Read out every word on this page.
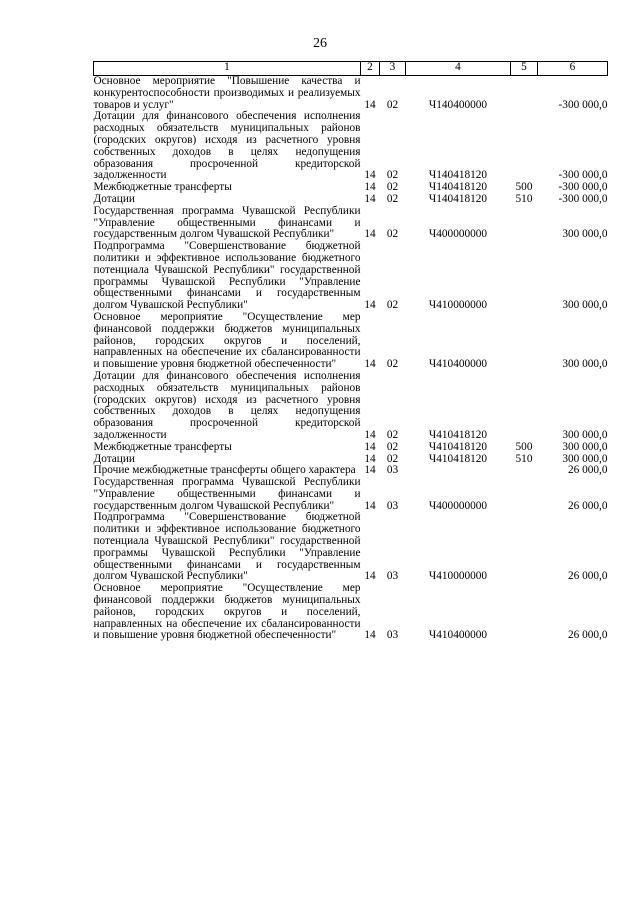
26
1	2	3	4	5	6
Основное мероприятие "Повышение качества и конкурентоспособности производимых и реализуемых товаров и услуг"	14	02	Ч140400000		-300 000,0
Дотации для финансового обеспечения исполнения расходных обязательств муниципальных районов (городских округов) исходя из расчетного уровня собственных доходов в целях недопущения образования просроченной кредиторской задолженности	14	02	Ч140418120		-300 000,0
Межбюджетные трансферты	14	02	Ч140418120	500	-300 000,0
Дотации	14	02	Ч140418120	510	-300 000,0
Государственная программа Чувашской Республики "Управление общественными финансами и государственным долгом Чувашской Республики"	14	02	Ч400000000		300 000,0
Подпрограмма "Совершенствование бюджетной политики и эффективное использованиe бюджетного потенциала Чувашской Республики" государственной программы Чувашской Республики "Управление общественными финансами и государственным долгом Чувашской Республики"	14	02	Ч410000000		300 000,0
Основное мероприятие "Осуществление мер финансовой поддержки бюджетов муниципальных районов, городских округов и поселений, направленных на обеспечение их сбалансированности и повышение уровня бюджетной обеспеченности"	14	02	Ч410400000		300 000,0
Дотации для финансового обеспечения исполнения расходных обязательств муниципальных районов (городских округов) исходя из расчетного уровня собственных доходов в целях недопущения образования просроченной кредиторской задолженности	14	02	Ч410418120		300 000,0
Межбюджетные трансферты	14	02	Ч410418120	500	300 000,0
Дотации	14	02	Ч410418120	510	300 000,0
Прочие межбюджетные трансферты общего характера	14	03			26 000,0
Государственная программа Чувашской Республики "Управление общественными финансами и государственным долгом Чувашской Республики"	14	03	Ч400000000		26 000,0
Подпрограмма "Совершенствование бюджетной политики и эффективное использование бюджетного потенциала Чувашской Республики" государственной программы Чувашской Республики "Управление общественными финансами и государственным долгом Чувашской Республики"	14	03	Ч410000000		26 000,0
Основное мероприятие "Осуществление мер финансовой поддержки бюджетов муниципальных районов, городских округов и поселений, направленных на обеспечение их сбалансированности и повышение уровня бюджетной обеспеченности"	14	03	Ч410400000		26 000,0
